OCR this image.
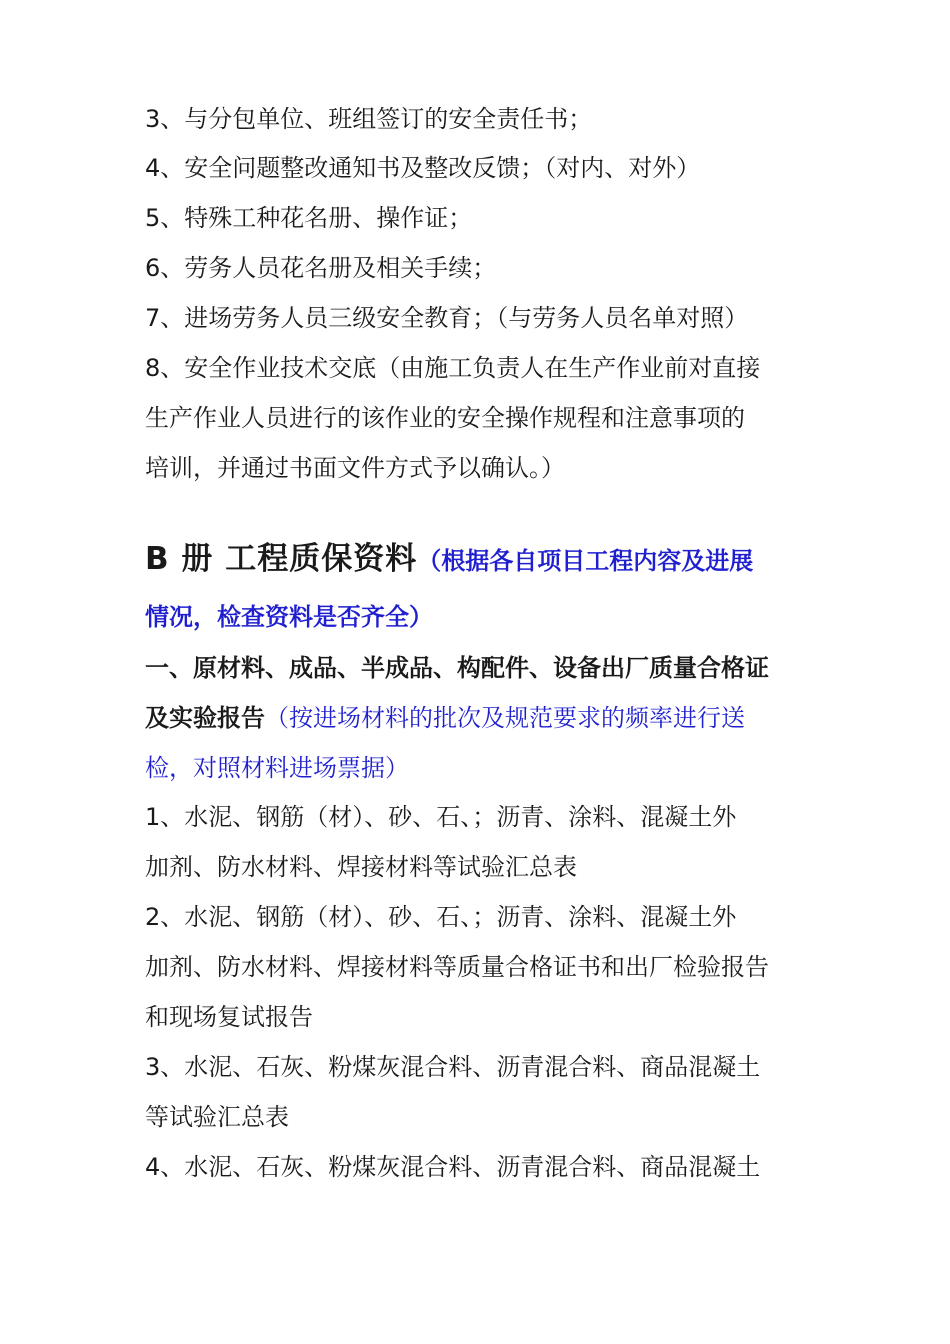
3、与分包单位、班组签订的安全责任书；
4、安全问题整改通知书及整改反馈；（对内、对外）
5、特殊工种花名册、操作证；
6、劳务人员花名册及相关手续；
7、进场劳务人员三级安全教育；（与劳务人员名单对照）
8、安全作业技术交底（由施工负责人在生产作业前对直接
生产作业人员进行的该作业的安全操作规程和注意事项的
培训，并通过书面文件方式予以确认。）
B 册 工程质保资料（根据各自项目工程内容及进展
情况，检查资料是否齐全）
一、原材料、成品、半成品、构配件、设备出厂质量合格证
及实验报告（按进场材料的批次及规范要求的频率进行送
检，对照材料进场票据）
1、水泥、钢筋（材）、砂、石、；沥青、涂料、混凝土外
加剂、防水材料、焊接材料等试验汇总表
2、水泥、钢筋（材）、砂、石、；沥青、涂料、混凝土外
加剂、防水材料、焊接材料等质量合格证书和出厂检验报告
和现场复试报告
3、水泥、石灰、粉煤灰混合料、沥青混合料、商品混凝土
等试验汇总表
4、水泥、石灰、粉煤灰混合料、沥青混合料、商品混凝土
